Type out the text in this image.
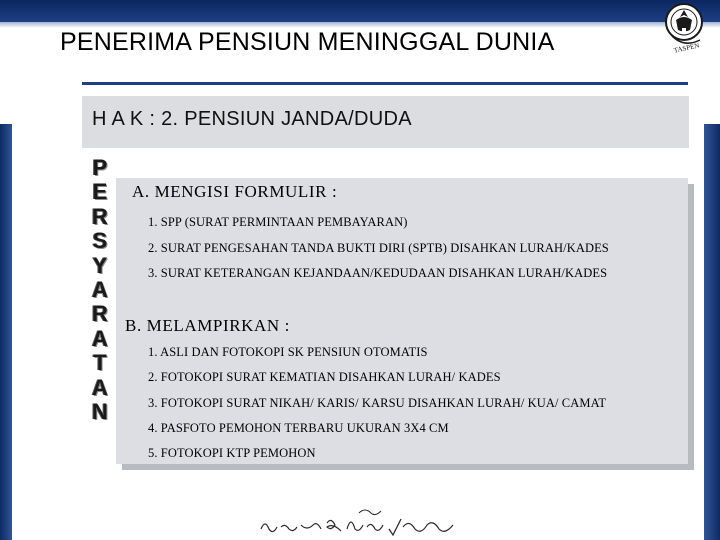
PENERIMA PENSIUN MENINGGAL DUNIA	TASPEN
H A K : 2. PENSIUN JANDA/DUDA
P
E
R
S
Y
A
R
A
T
A
N
A. MENGISI FORMULIR :
1. SPP (SURAT PERMINTAAN PEMBAYARAN)
2. SURAT PENGESAHAN TANDA BUKTI DIRI (SPTB) DISAHKAN LURAH/KADES
3. SURAT KETERANGAN KEJANDAAN/KEDUDAAN DISAHKAN LURAH/KADES
B. MELAMPIRKAN :
1. ASLI DAN FOTOKOPI SK PENSIUN OTOMATIS
2. FOTOKOPI SURAT KEMATIAN DISAHKAN LURAH/ KADES
3. FOTOKOPI SURAT NIKAH/ KARIS/ KARSU DISAHKAN LURAH/ KUA/ CAMAT
4. PASFOTO PEMOHON TERBARU UKURAN 3X4 CM
5. FOTOKOPI KTP PEMOHON
